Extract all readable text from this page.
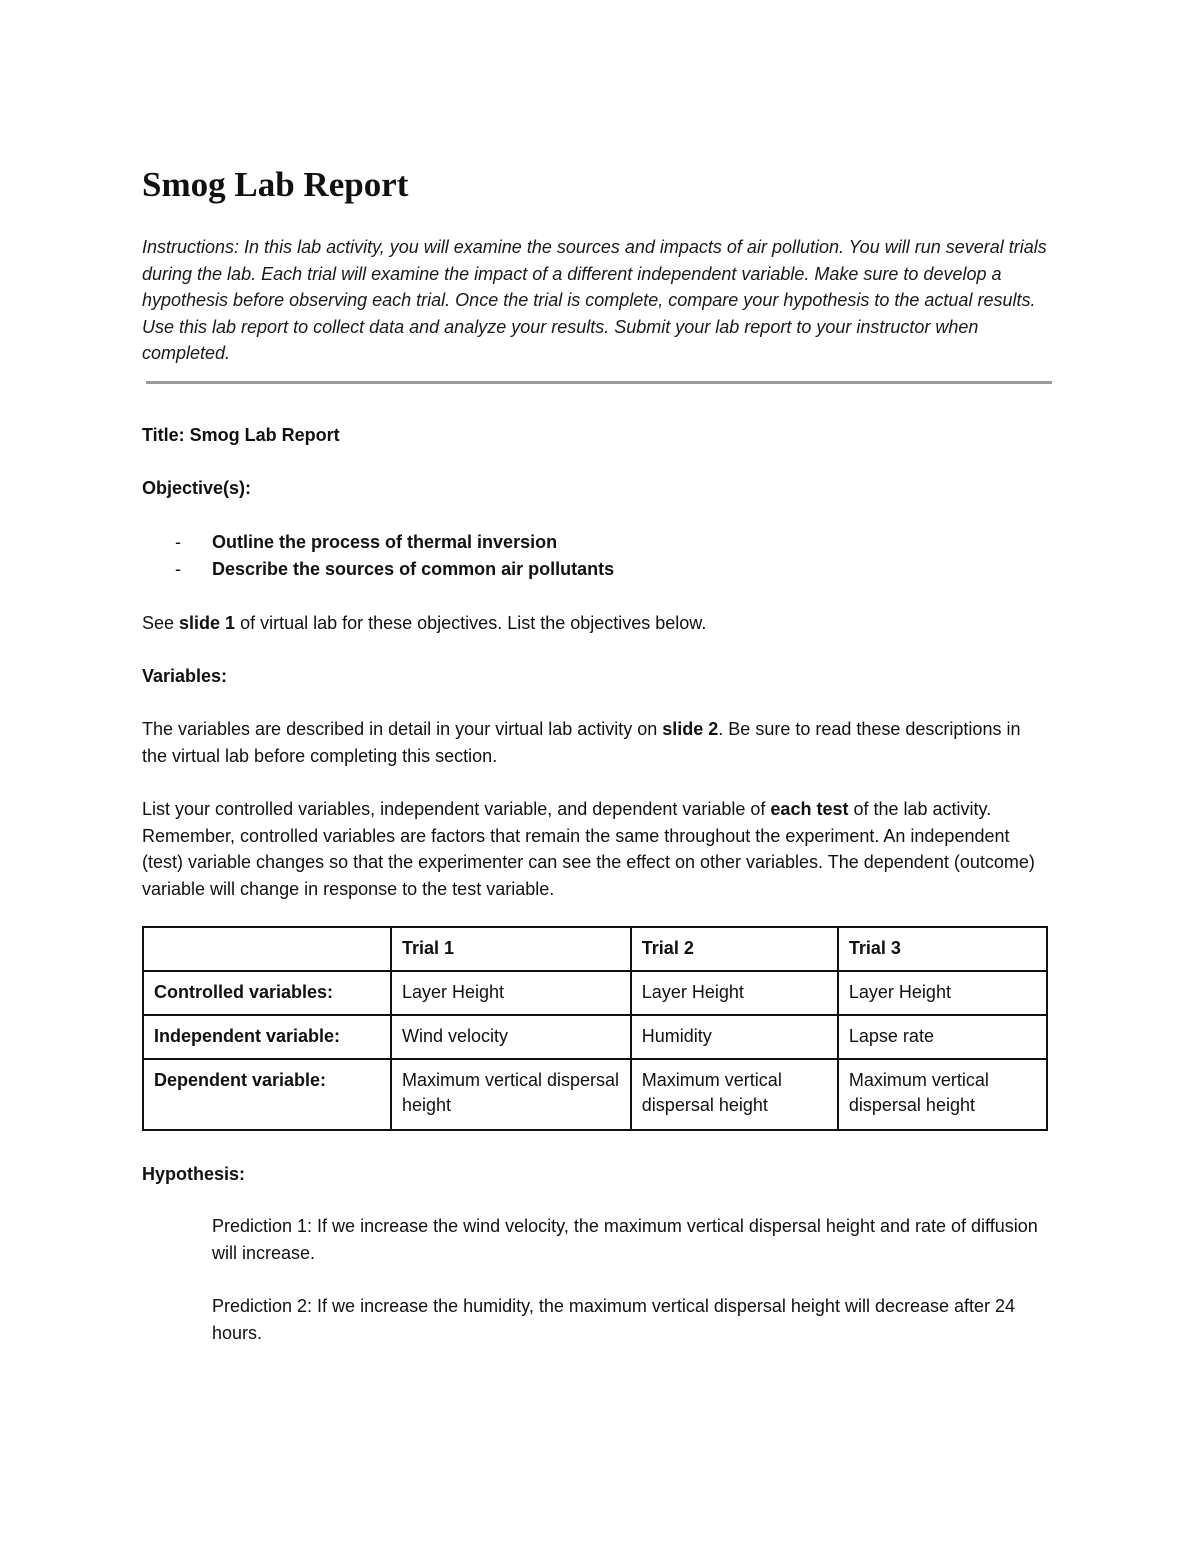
Smog Lab Report

Instructions: In this lab activity, you will examine the sources and impacts of air pollution. You will run several trials during the lab. Each trial will examine the impact of a different independent variable. Make sure to develop a hypothesis before observing each trial. Once the trial is complete, compare your hypothesis to the actual results. Use this lab report to collect data and analyze your results. Submit your lab report to your instructor when completed.

Title: Smog Lab Report

Objective(s):

- Outline the process of thermal inversion
- Describe the sources of common air pollutants

See slide 1 of virtual lab for these objectives. List the objectives below.

Variables:

The variables are described in detail in your virtual lab activity on slide 2. Be sure to read these descriptions in the virtual lab before completing this section.

List your controlled variables, independent variable, and dependent variable of each test of the lab activity. Remember, controlled variables are factors that remain the same throughout the experiment. An independent (test) variable changes so that the experimenter can see the effect on other variables. The dependent (outcome) variable will change in response to the test variable.

	Trial 1	Trial 2	Trial 3
Controlled variables:	Layer Height	Layer Height	Layer Height
Independent variable:	Wind velocity	Humidity	Lapse rate
Dependent variable:	Maximum vertical dispersal height	Maximum vertical dispersal height	Maximum vertical dispersal height

Hypothesis:

Prediction 1: If we increase the wind velocity, the maximum vertical dispersal height and rate of diffusion will increase.

Prediction 2: If we increase the humidity, the maximum vertical dispersal height will decrease after 24 hours.
